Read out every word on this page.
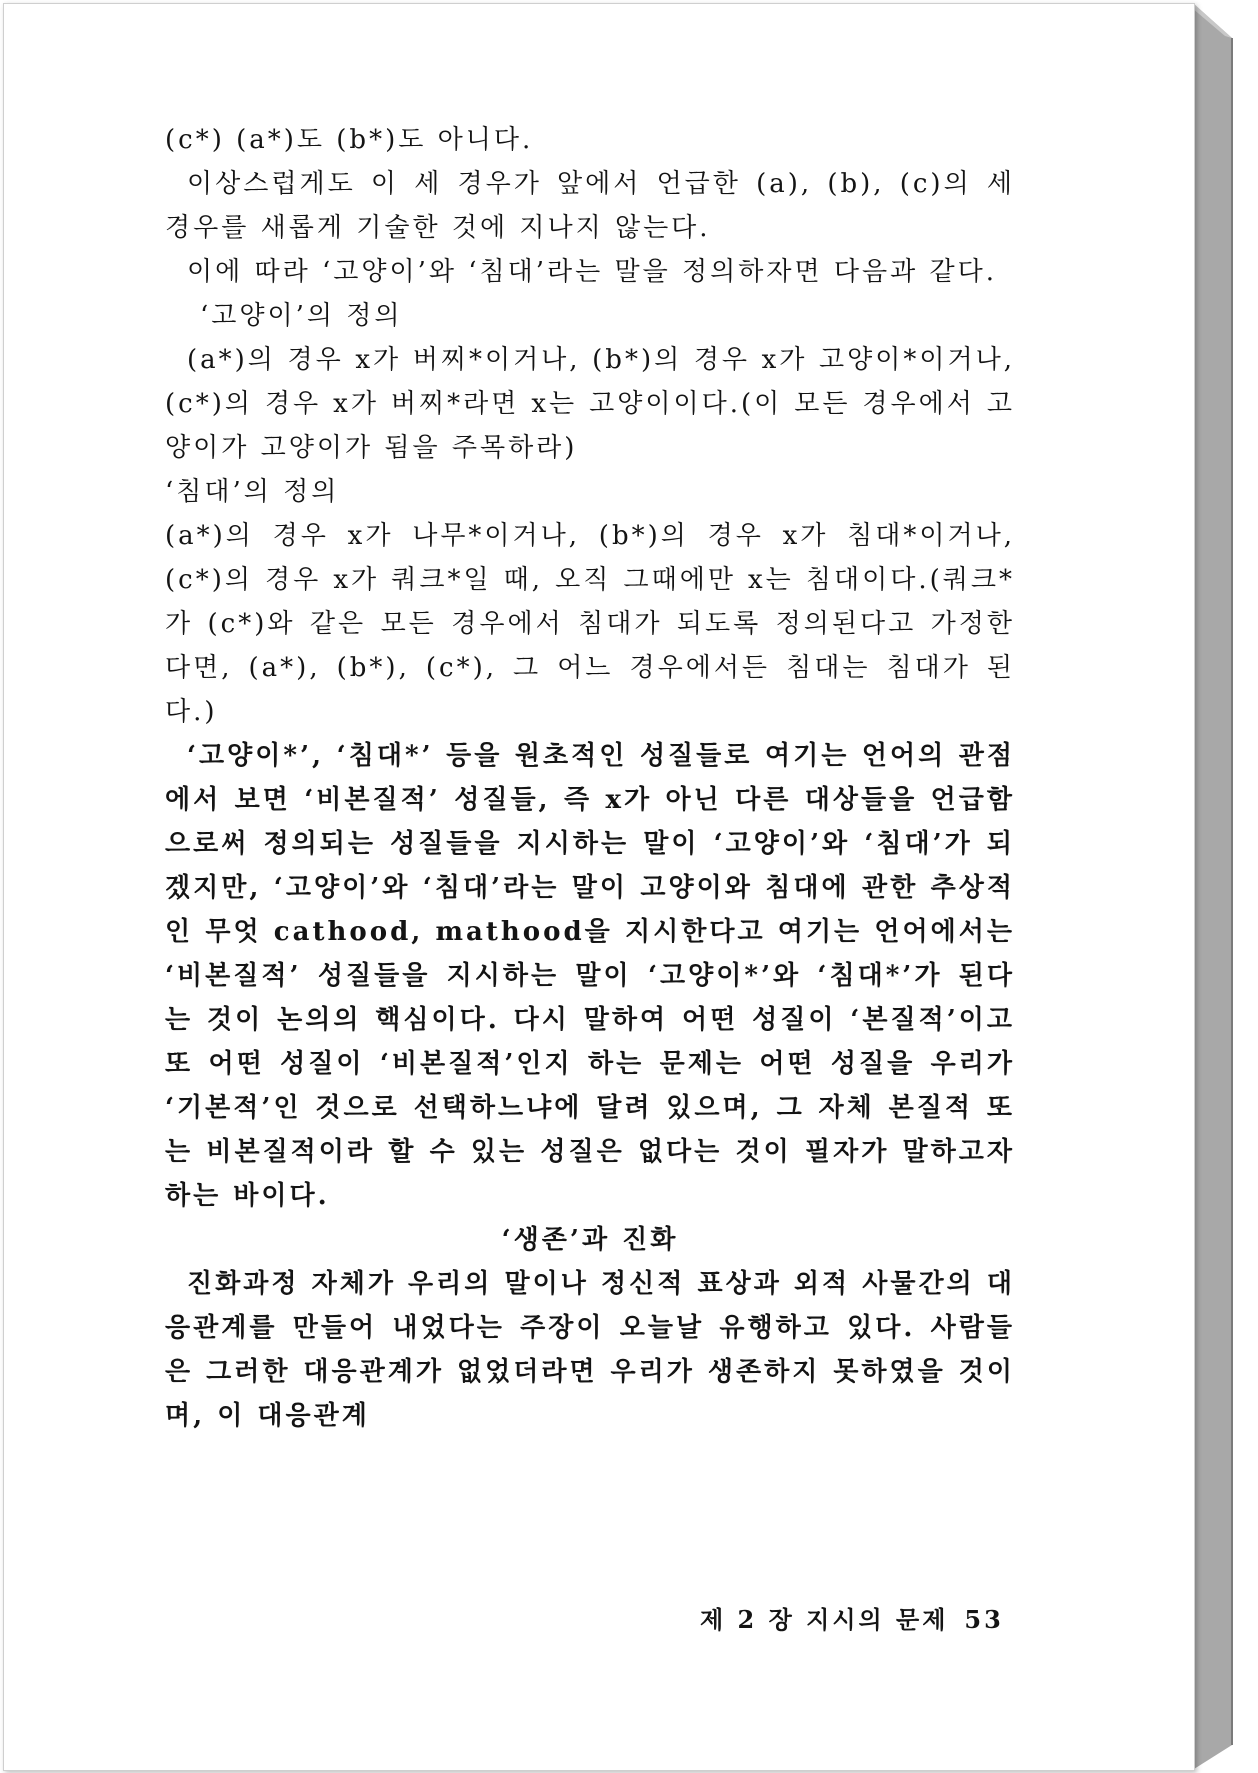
(c*) (a*)도 (b*)도 아니다.

이상스럽게도 이 세 경우가 앞에서 언급한 (a), (b), (c)의 세 경우를 새롭게 기술한 것에 지나지 않는다.

이에 따라 ‘고양이’와 ‘침대’라는 말을 정의하자면 다음과 같다.

‘고양이’의 정의

(a*)의 경우 x가 버찌*이거나, (b*)의 경우 x가 고양이*이거나, (c*)의 경우 x가 버찌*라면 x는 고양이이다.(이 모든 경우에서 고양이가 고양이가 됨을 주목하라)

‘침대’의 정의

(a*)의 경우 x가 나무*이거나, (b*)의 경우 x가 침대*이거나, (c*)의 경우 x가 쿼크*일 때, 오직 그때에만 x는 침대이다.(쿼크*가 (c*)와 같은 모든 경우에서 침대가 되도록 정의된다고 가정한다면, (a*), (b*), (c*), 그 어느 경우에서든 침대는 침대가 된다.)

‘고양이*’, ‘침대*’ 등을 원초적인 성질들로 여기는 언어의 관점에서 보면 ‘비본질적’ 성질들, 즉 x가 아닌 다른 대상들을 언급함으로써 정의되는 성질들을 지시하는 말이 ‘고양이’와 ‘침대’가 되겠지만, ‘고양이’와 ‘침대’라는 말이 고양이와 침대에 관한 추상적인 무엇 cathood, mathood을 지시한다고 여기는 언어에서는 ‘비본질적’ 성질들을 지시하는 말이 ‘고양이*’와 ‘침대*’가 된다는 것이 논의의 핵심이다. 다시 말하여 어떤 성질이 ‘본질적’이고 또 어떤 성질이 ‘비본질적’인지 하는 문제는 어떤 성질을 우리가 ‘기본적’인 것으로 선택하느냐에 달려 있으며, 그 자체 본질적 또는 비본질적이라 할 수 있는 성질은 없다는 것이 필자가 말하고자 하는 바이다.

‘생존’과 진화

진화과정 자체가 우리의 말이나 정신적 표상과 외적 사물간의 대응관계를 만들어 내었다는 주장이 오늘날 유행하고 있다. 사람들은 그러한 대응관계가 없었더라면 우리가 생존하지 못하였을 것이며, 이 대응관계

제 2 장 지시의 문제 53
